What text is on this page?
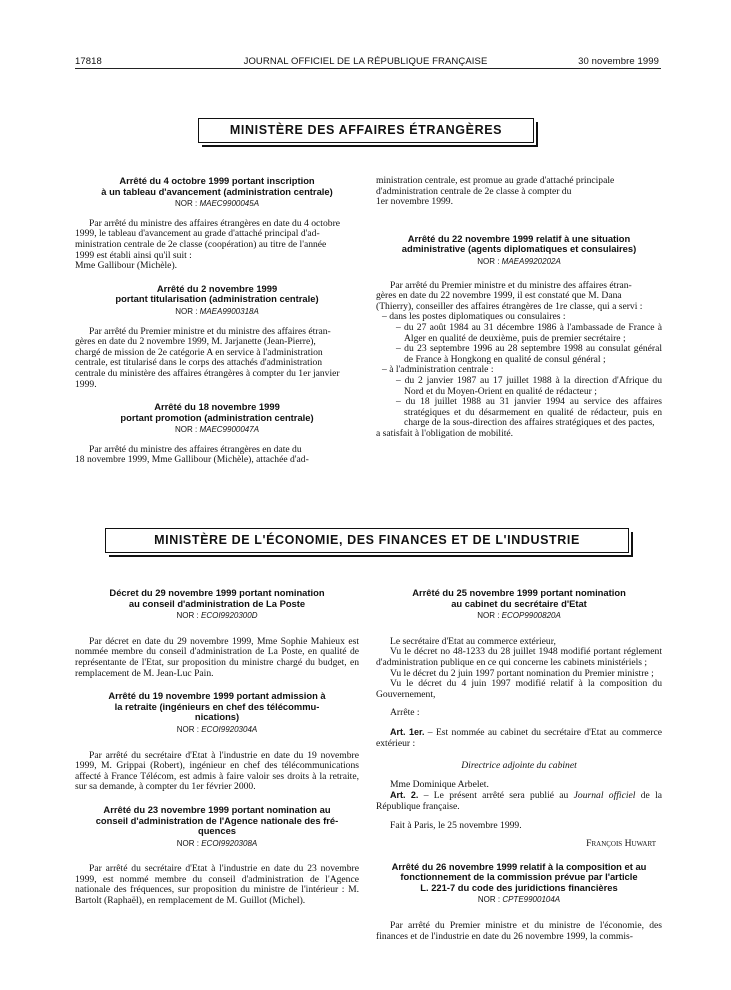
17818	JOURNAL OFFICIEL DE LA RÉPUBLIQUE FRANÇAISE	30 novembre 1999
MINISTÈRE DES AFFAIRES ÉTRANGÈRES

Arrêté du 4 octobre 1999 portant inscription

à un tableau d'avancement (administration centrale)

NOR : MAEC9900045A

Par arrêté du ministre des affaires étrangères en date du 4 octobre

1999, le tableau d'avancement au grade d'attaché principal d'ad-

ministration centrale de 2e classe (coopération) au titre de l'année

1999 est établi ainsi qu'il suit :

Mme Gallibour (Michèle).

Arrêté du 2 novembre 1999

portant titularisation (administration centrale)

NOR : MAEA9900318A

Par arrêté du Premier ministre et du ministre des affaires étran-

gères en date du 2 novembre 1999, M. Jarjanette (Jean-Pierre),

chargé de mission de 2e catégorie A en service à l'administration

centrale, est titularisé dans le corps des attachés d'administration

centrale du ministère des affaires étrangères à compter du 1er janvier

1999.

Arrêté du 18 novembre 1999

portant promotion (administration centrale)

NOR : MAEC9900047A

Par arrêté du ministre des affaires étrangères en date du

18 novembre 1999, Mme Gallibour (Michèle), attachée d'ad-

ministration centrale, est promue au grade d'attaché principale

d'administration centrale de 2e classe à compter du

1er novembre 1999.

Arrêté du 22 novembre 1999 relatif à une situation

administrative (agents diplomatiques et consulaires)

NOR : MAEA9920202A

Par arrêté du Premier ministre et du ministre des affaires étran-

gères en date du 22 novembre 1999, il est constaté que M. Dana

(Thierry), conseiller des affaires étrangères de 1re classe, qui a servi :

– dans les postes diplomatiques ou consulaires :

– du 27 août 1984 au 31 décembre 1986 à l'ambassade de France à Alger en qualité de deuxième, puis de premier secrétaire ;

– du 23 septembre 1996 au 28 septembre 1998 au consulat général de France à Hongkong en qualité de consul général ;

– à l'administration centrale :

– du 2 janvier 1987 au 17 juillet 1988 à la direction d'Afrique du Nord et du Moyen-Orient en qualité de rédacteur ;

– du 18 juillet 1988 au 31 janvier 1994 au service des affaires stratégiques et du désarmement en qualité de rédacteur, puis en charge de la sous-direction des affaires stratégiques et des pactes,

a satisfait à l'obligation de mobilité.

MINISTÈRE DE L'ÉCONOMIE, DES FINANCES ET DE L'INDUSTRIE

Décret du 29 novembre 1999 portant nomination

au conseil d'administration de La Poste

NOR : ECOI9920300D

Par décret en date du 29 novembre 1999, Mme Sophie Mahieux est nommée membre du conseil d'administration de La Poste, en qualité de représentante de l'Etat, sur proposition du ministre chargé du budget, en remplacement de M. Jean-Luc Pain.

Arrêté du 19 novembre 1999 portant admission à

la retraite (ingénieurs en chef des télécommu-

nications)

NOR : ECOI9920304A

Par arrêté du secrétaire d'Etat à l'industrie en date du 19 novembre 1999, M. Grippai (Robert), ingénieur en chef des télécommunications affecté à France Télécom, est admis à faire valoir ses droits à la retraite, sur sa demande, à compter du 1er février 2000.

Arrêté du 23 novembre 1999 portant nomination au

conseil d'administration de l'Agence nationale des fré-

quences

NOR : ECOI9920308A

Par arrêté du secrétaire d'Etat à l'industrie en date du 23 novembre 1999, est nommé membre du conseil d'administration de l'Agence nationale des fréquences, sur proposition du ministre de l'intérieur : M. Bartolt (Raphaël), en remplacement de M. Guillot (Michel).

Arrêté du 25 novembre 1999 portant nomination

au cabinet du secrétaire d'Etat

NOR : ECOP9900820A

Le secrétaire d'Etat au commerce extérieur,

Vu le décret no 48-1233 du 28 juillet 1948 modifié portant réglement d'administration publique en ce qui concerne les cabinets ministériels ;

Vu le décret du 2 juin 1997 portant nomination du Premier ministre ;

Vu le décret du 4 juin 1997 modifié relatif à la composition du Gouvernement,

Arrête :

Art. 1er. – Est nommée au cabinet du secrétaire d'Etat au commerce extérieur :

Directrice adjointe du cabinet

Mme Dominique Arbelet.

Art. 2. – Le présent arrêté sera publié au Journal officiel de la République française.

Fait à Paris, le 25 novembre 1999.

François Huwart

Arrêté du 26 novembre 1999 relatif à la composition et au

fonctionnement de la commission prévue par l'article

L. 221-7 du code des juridictions financières

NOR : CPTE9900104A

Par arrêté du Premier ministre et du ministre de l'économie, des finances et de l'industrie en date du 26 novembre 1999, la commis-
